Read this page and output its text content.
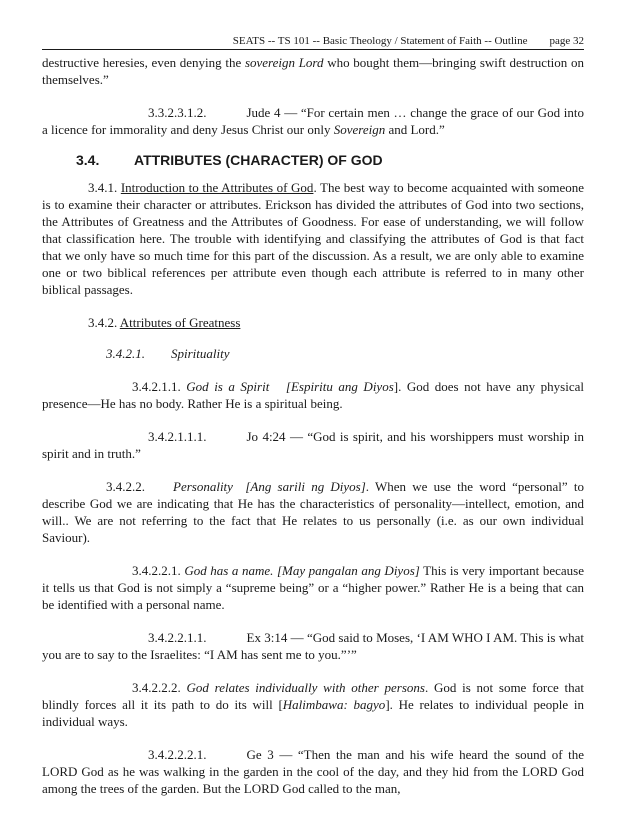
SEATS -- TS 101 -- Basic Theology / Statement of Faith -- Outline page 32

destructive heresies, even denying the sovereign Lord who bought them—bringing swift destruction on themselves.”

3.3.2.3.1.2.	Jude 4 — “For certain men … change the grace of our God into a licence for immorality and deny Jesus Christ our only Sovereign and Lord.”

3.4. ATTRIBUTES (CHARACTER) OF GOD

3.4.1. Introduction to the Attributes of God. The best way to become acquainted with someone is to examine their character or attributes. Erickson has divided the attributes of God into two sections, the Attributes of Greatness and the Attributes of Goodness. For ease of understanding, we will follow that classification here. The trouble with identifying and classifying the attributes of God is that fact that we only have so much time for this part of the discussion. As a result, we are only able to examine one or two biblical references per attribute even though each attribute is referred to in many other biblical passages.

3.4.2. Attributes of Greatness

3.4.2.1. Spirituality

3.4.2.1.1. God is a Spirit [Espiritu ang Diyos]. God does not have any physical presence—He has no body. Rather He is a spiritual being.

3.4.2.1.1.1.	Jo 4:24 — “God is spirit, and his worshippers must worship in spirit and in truth.”

3.4.2.2. Personality [Ang sarili ng Diyos]. When we use the word “personal” to describe God we are indicating that He has the characteristics of personality—intellect, emotion, and will.. We are not referring to the fact that He relates to us personally (i.e. as our own individual Saviour).

3.4.2.2.1. God has a name. [May pangalan ang Diyos] This is very important because it tells us that God is not simply a “supreme being” or a “higher power.” Rather He is a being that can be identified with a personal name.

3.4.2.2.1.1.	Ex 3:14 — “God said to Moses, ‘I AM WHO I AM. This is what you are to say to the Israelites: “I AM has sent me to you.”’”

3.4.2.2.2. God relates individually with other persons. God is not some force that blindly forces all it its path to do its will [Halimbawa: bagyo]. He relates to individual people in individual ways.

3.4.2.2.2.1.	Ge 3 — “Then the man and his wife heard the sound of the LORD God as he was walking in the garden in the cool of the day, and they hid from the LORD God among the trees of the garden. But the LORD God called to the man,
